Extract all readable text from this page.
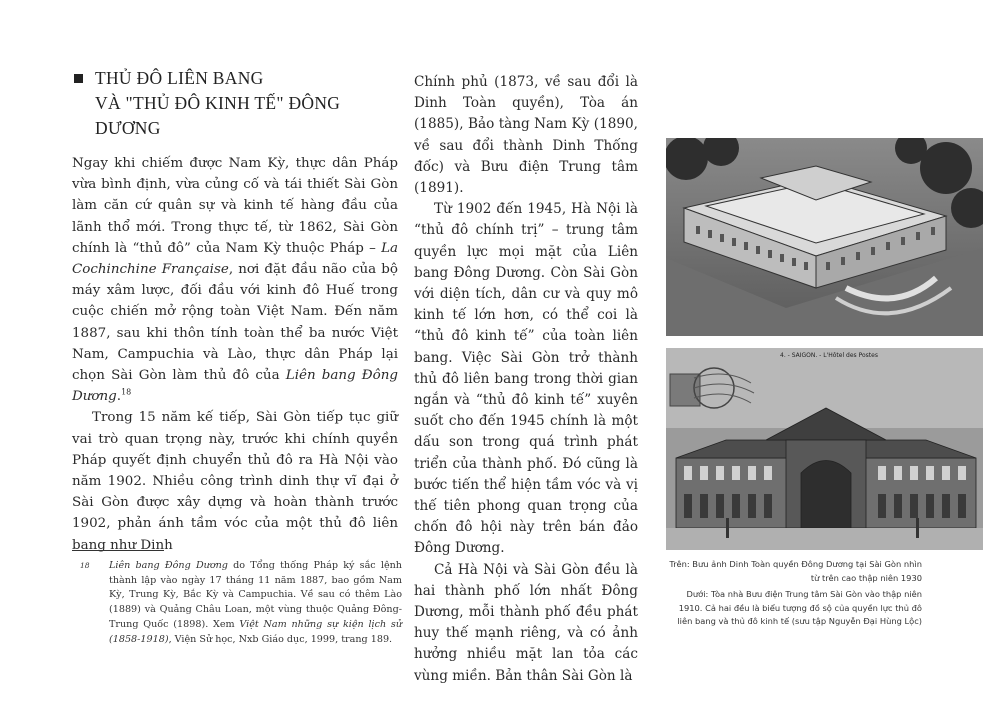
THỦ ĐÔ LIÊN BANG
VÀ "THỦ ĐÔ KINH TẾ" ĐÔNG DƯƠNG

Ngay khi chiếm được Nam Kỳ, thực dân Pháp vừa bình định, vừa củng cố và tái thiết Sài Gòn làm căn cứ quân sự và kinh tế hàng đầu của lãnh thổ mới. Trong thực tế, từ 1862, Sài Gòn chính là “thủ đô” của Nam Kỳ thuộc Pháp – La Cochinchine Française, nơi đặt đầu não của bộ máy xâm lược, đối đầu với kinh đô Huế trong cuộc chiến mở rộng toàn Việt Nam. Đến năm 1887, sau khi thôn tính toàn thể ba nước Việt Nam, Campuchia và Lào, thực dân Pháp lại chọn Sài Gòn làm thủ đô của Liên bang Đông Dương.$^{18}$

Trong 15 năm kế tiếp, Sài Gòn tiếp tục giữ vai trò quan trọng này, trước khi chính quyền Pháp quyết định chuyển thủ đô ra Hà Nội vào năm 1902. Nhiều công trình dinh thự vĩ đại ở Sài Gòn được xây dựng và hoàn thành trước 1902, phản ánh tầm vóc của một thủ đô liên bang như Dinh

18 Liên bang Đông Dương do Tổng thống Pháp ký sắc lệnh thành lập vào ngày 17 tháng 11 năm 1887, bao gồm Nam Kỳ, Trung Kỳ, Bắc Kỳ và Campuchia. Về sau có thêm Lào (1889) và Quảng Châu Loan, một vùng thuộc Quảng Đông-Trung Quốc (1898). Xem Việt Nam những sự kiện lịch sử (1858-1918), Viện Sử học, Nxb Giáo dục, 1999, trang 189.

Chính phủ (1873, về sau đổi là Dinh Toàn quyền), Tòa án (1885), Bảo tàng Nam Kỳ (1890, về sau đổi thành Dinh Thống đốc) và Bưu điện Trung tâm (1891).

Từ 1902 đến 1945, Hà Nội là “thủ đô chính trị” – trung tâm quyền lực mọi mặt của Liên bang Đông Dương. Còn Sài Gòn với diện tích, dân cư và quy mô kinh tế lớn hơn, có thể coi là “thủ đô kinh tế” của toàn liên bang. Việc Sài Gòn trở thành thủ đô liên bang trong thời gian ngắn và “thủ đô kinh tế” xuyên suốt cho đến 1945 chính là một dấu son trong quá trình phát triển của thành phố. Đó cũng là bước tiến thể hiện tầm vóc và vị thế tiên phong quan trọng của chốn đô hội này trên bán đảo Đông Dương.

Cả Hà Nội và Sài Gòn đều là hai thành phố lớn nhất Đông Dương, mỗi thành phố đều phát huy thế mạnh riêng, và có ảnh hưởng nhiều mặt lan tỏa các vùng miền. Bản thân Sài Gòn là

4. - SAIGON. - L'Hôtel des Postes

Trên: Bưu ảnh Dinh Toàn quyền Đông Dương tại Sài Gòn nhìn từ trên cao thập niên 1930

Dưới: Tòa nhà Bưu điện Trung tâm Sài Gòn vào thập niên 1910. Cả hai đều là biểu tượng đồ sộ của quyền lực thủ đô liên bang và thủ đô kinh tế (sưu tập Nguyễn Đại Hùng Lộc)
